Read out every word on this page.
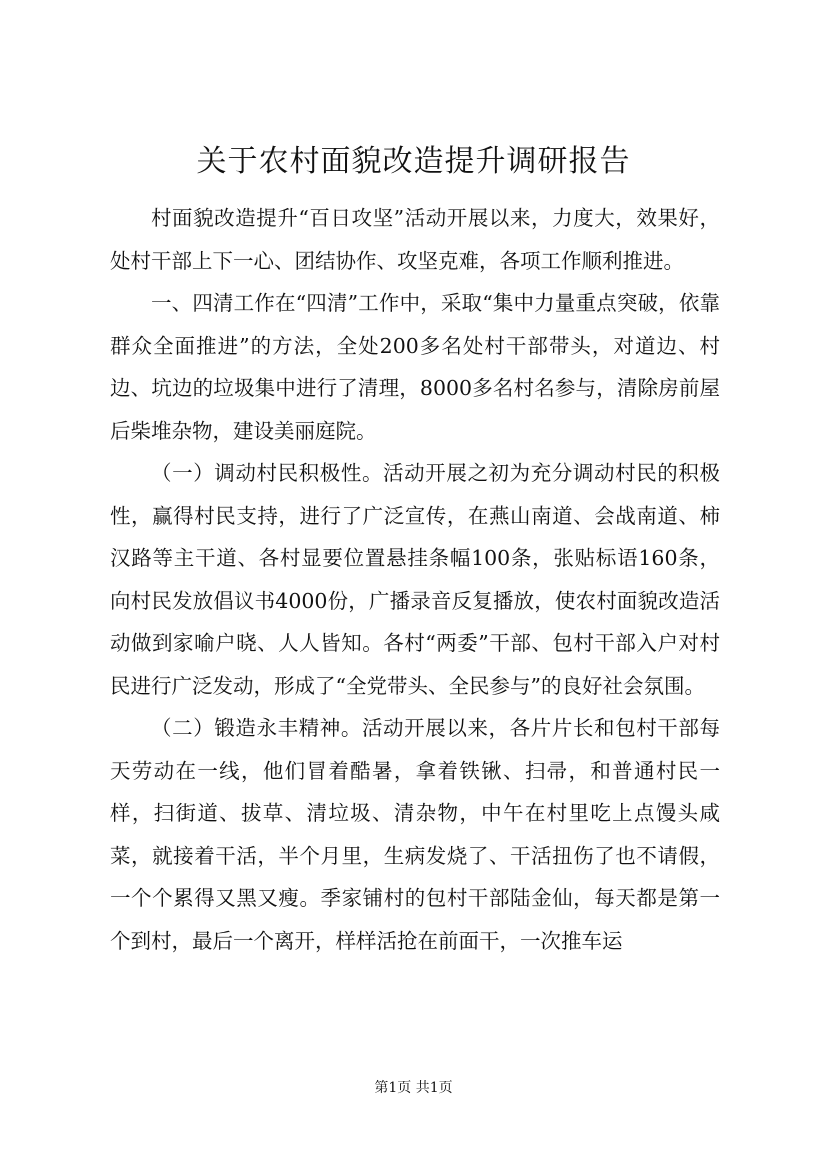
关于农村面貌改造提升调研报告

村面貌改造提升“百日攻坚”活动开展以来，力度大，效果好，处村干部上下一心、团结协作、攻坚克难，各项工作顺利推进。

一、四清工作在“四清”工作中，采取“集中力量重点突破，依靠群众全面推进”的方法，全处200多名处村干部带头，对道边、村边、坑边的垃圾集中进行了清理，8000多名村名参与，清除房前屋后柴堆杂物，建设美丽庭院。

（一）调动村民积极性。活动开展之初为充分调动村民的积极性，赢得村民支持，进行了广泛宣传，在燕山南道、会战南道、柿汉路等主干道、各村显要位置悬挂条幅100条，张贴标语160条，向村民发放倡议书4000份，广播录音反复播放，使农村面貌改造活动做到家喻户晓、人人皆知。各村“两委”干部、包村干部入户对村民进行广泛发动，形成了“全党带头、全民参与”的良好社会氛围。

（二）锻造永丰精神。活动开展以来，各片片长和包村干部每天劳动在一线，他们冒着酷暑，拿着铁锹、扫帚，和普通村民一样，扫街道、拔草、清垃圾、清杂物，中午在村里吃上点馒头咸菜，就接着干活，半个月里，生病发烧了、干活扭伤了也不请假，一个个累得又黑又瘦。季家铺村的包村干部陆金仙，每天都是第一个到村，最后一个离开，样样活抢在前面干，一次推车运

第1页 共1页
